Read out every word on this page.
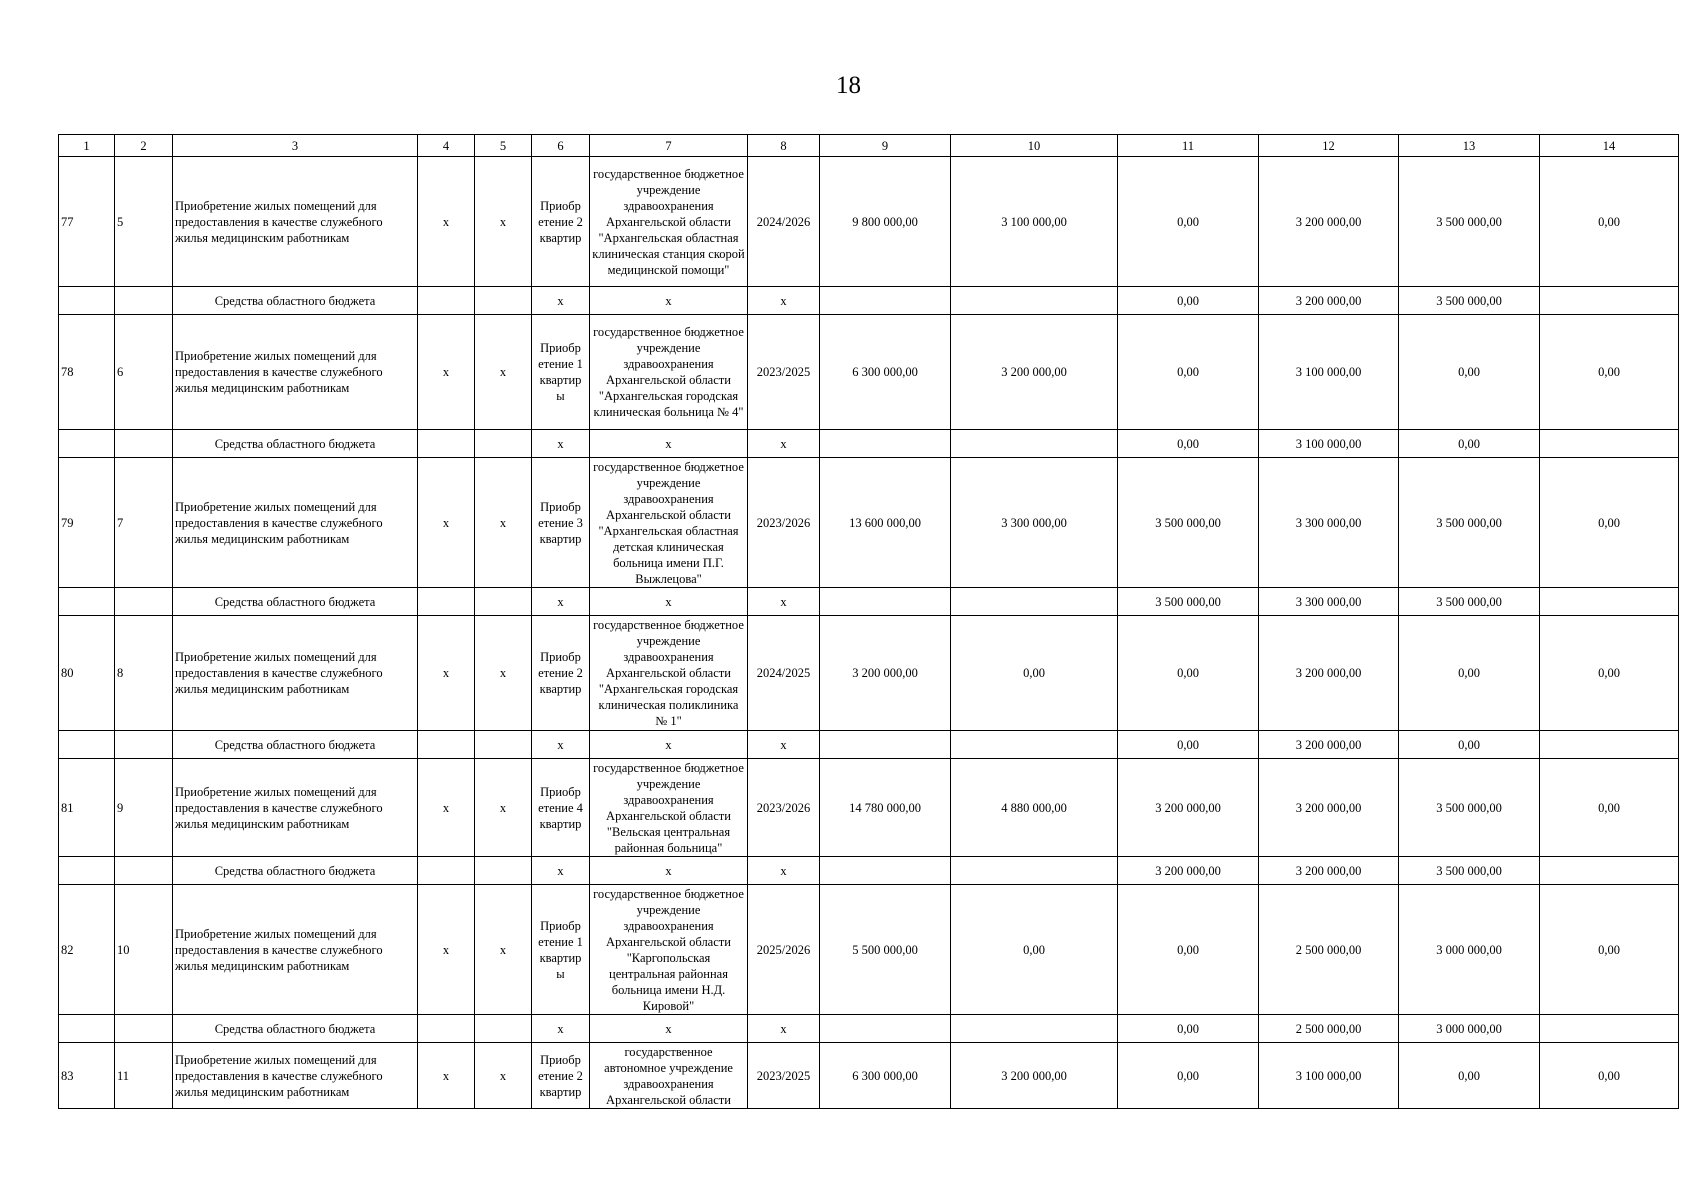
18
1	2	3	4	5	6	7	8	9	10	11	12	13	14
77	5	Приобретение жилых помещений для предоставления в качестве служебного жилья медицинским работникам	х	х	Приобр етение 2 квартир	государственное бюджетное учреждение здравоохранения Архангельской области "Архангельская областная клиническая станция скорой медицинской помощи"	2024/2026	9 800 000,00	3 100 000,00	0,00	3 200 000,00	3 500 000,00	0,00
		Средства областного бюджета			х	х	х			0,00	3 200 000,00	3 500 000,00	
78	6	Приобретение жилых помещений для предоставления в качестве служебного жилья медицинским работникам	х	х	Приобр етение 1 квартир ы	государственное бюджетное учреждение здравоохранения Архангельской области "Архангельская городская клиническая больница № 4"	2023/2025	6 300 000,00	3 200 000,00	0,00	3 100 000,00	0,00	0,00
		Средства областного бюджета			х	х	х			0,00	3 100 000,00	0,00	
79	7	Приобретение жилых помещений для предоставления в качестве служебного жилья медицинским работникам	х	х	Приобр етение 3 квартир	государственное бюджетное учреждение здравоохранения Архангельской области "Архангельская областная детская клиническая больница имени П.Г. Выжлецова"	2023/2026	13 600 000,00	3 300 000,00	3 500 000,00	3 300 000,00	3 500 000,00	0,00
		Средства областного бюджета			х	х	х			3 500 000,00	3 300 000,00	3 500 000,00	
80	8	Приобретение жилых помещений для предоставления в качестве служебного жилья медицинским работникам	х	х	Приобр етение 2 квартир	государственное бюджетное учреждение здравоохранения Архангельской области "Архангельская городская клиническая поликлиника № 1"	2024/2025	3 200 000,00	0,00	0,00	3 200 000,00	0,00	0,00
		Средства областного бюджета			х	х	х			0,00	3 200 000,00	0,00	
81	9	Приобретение жилых помещений для предоставления в качестве служебного жилья медицинским работникам	х	х	Приобр етение 4 квартир	государственное бюджетное учреждение здравоохранения Архангельской области "Вельская центральная районная больница"	2023/2026	14 780 000,00	4 880 000,00	3 200 000,00	3 200 000,00	3 500 000,00	0,00
		Средства областного бюджета			х	х	х			3 200 000,00	3 200 000,00	3 500 000,00	
82	10	Приобретение жилых помещений для предоставления в качестве служебного жилья медицинским работникам	х	х	Приобр етение 1 квартир ы	государственное бюджетное учреждение здравоохранения Архангельской области "Каргопольская центральная районная больница имени Н.Д. Кировой"	2025/2026	5 500 000,00	0,00	0,00	2 500 000,00	3 000 000,00	0,00
		Средства областного бюджета			х	х	х			0,00	2 500 000,00	3 000 000,00	
83	11	Приобретение жилых помещений для предоставления в качестве служебного жилья медицинским работникам	х	х	Приобр етение 2 квартир	государственное автономное учреждение здравоохранения Архангельской области	2023/2025	6 300 000,00	3 200 000,00	0,00	3 100 000,00	0,00	0,00
